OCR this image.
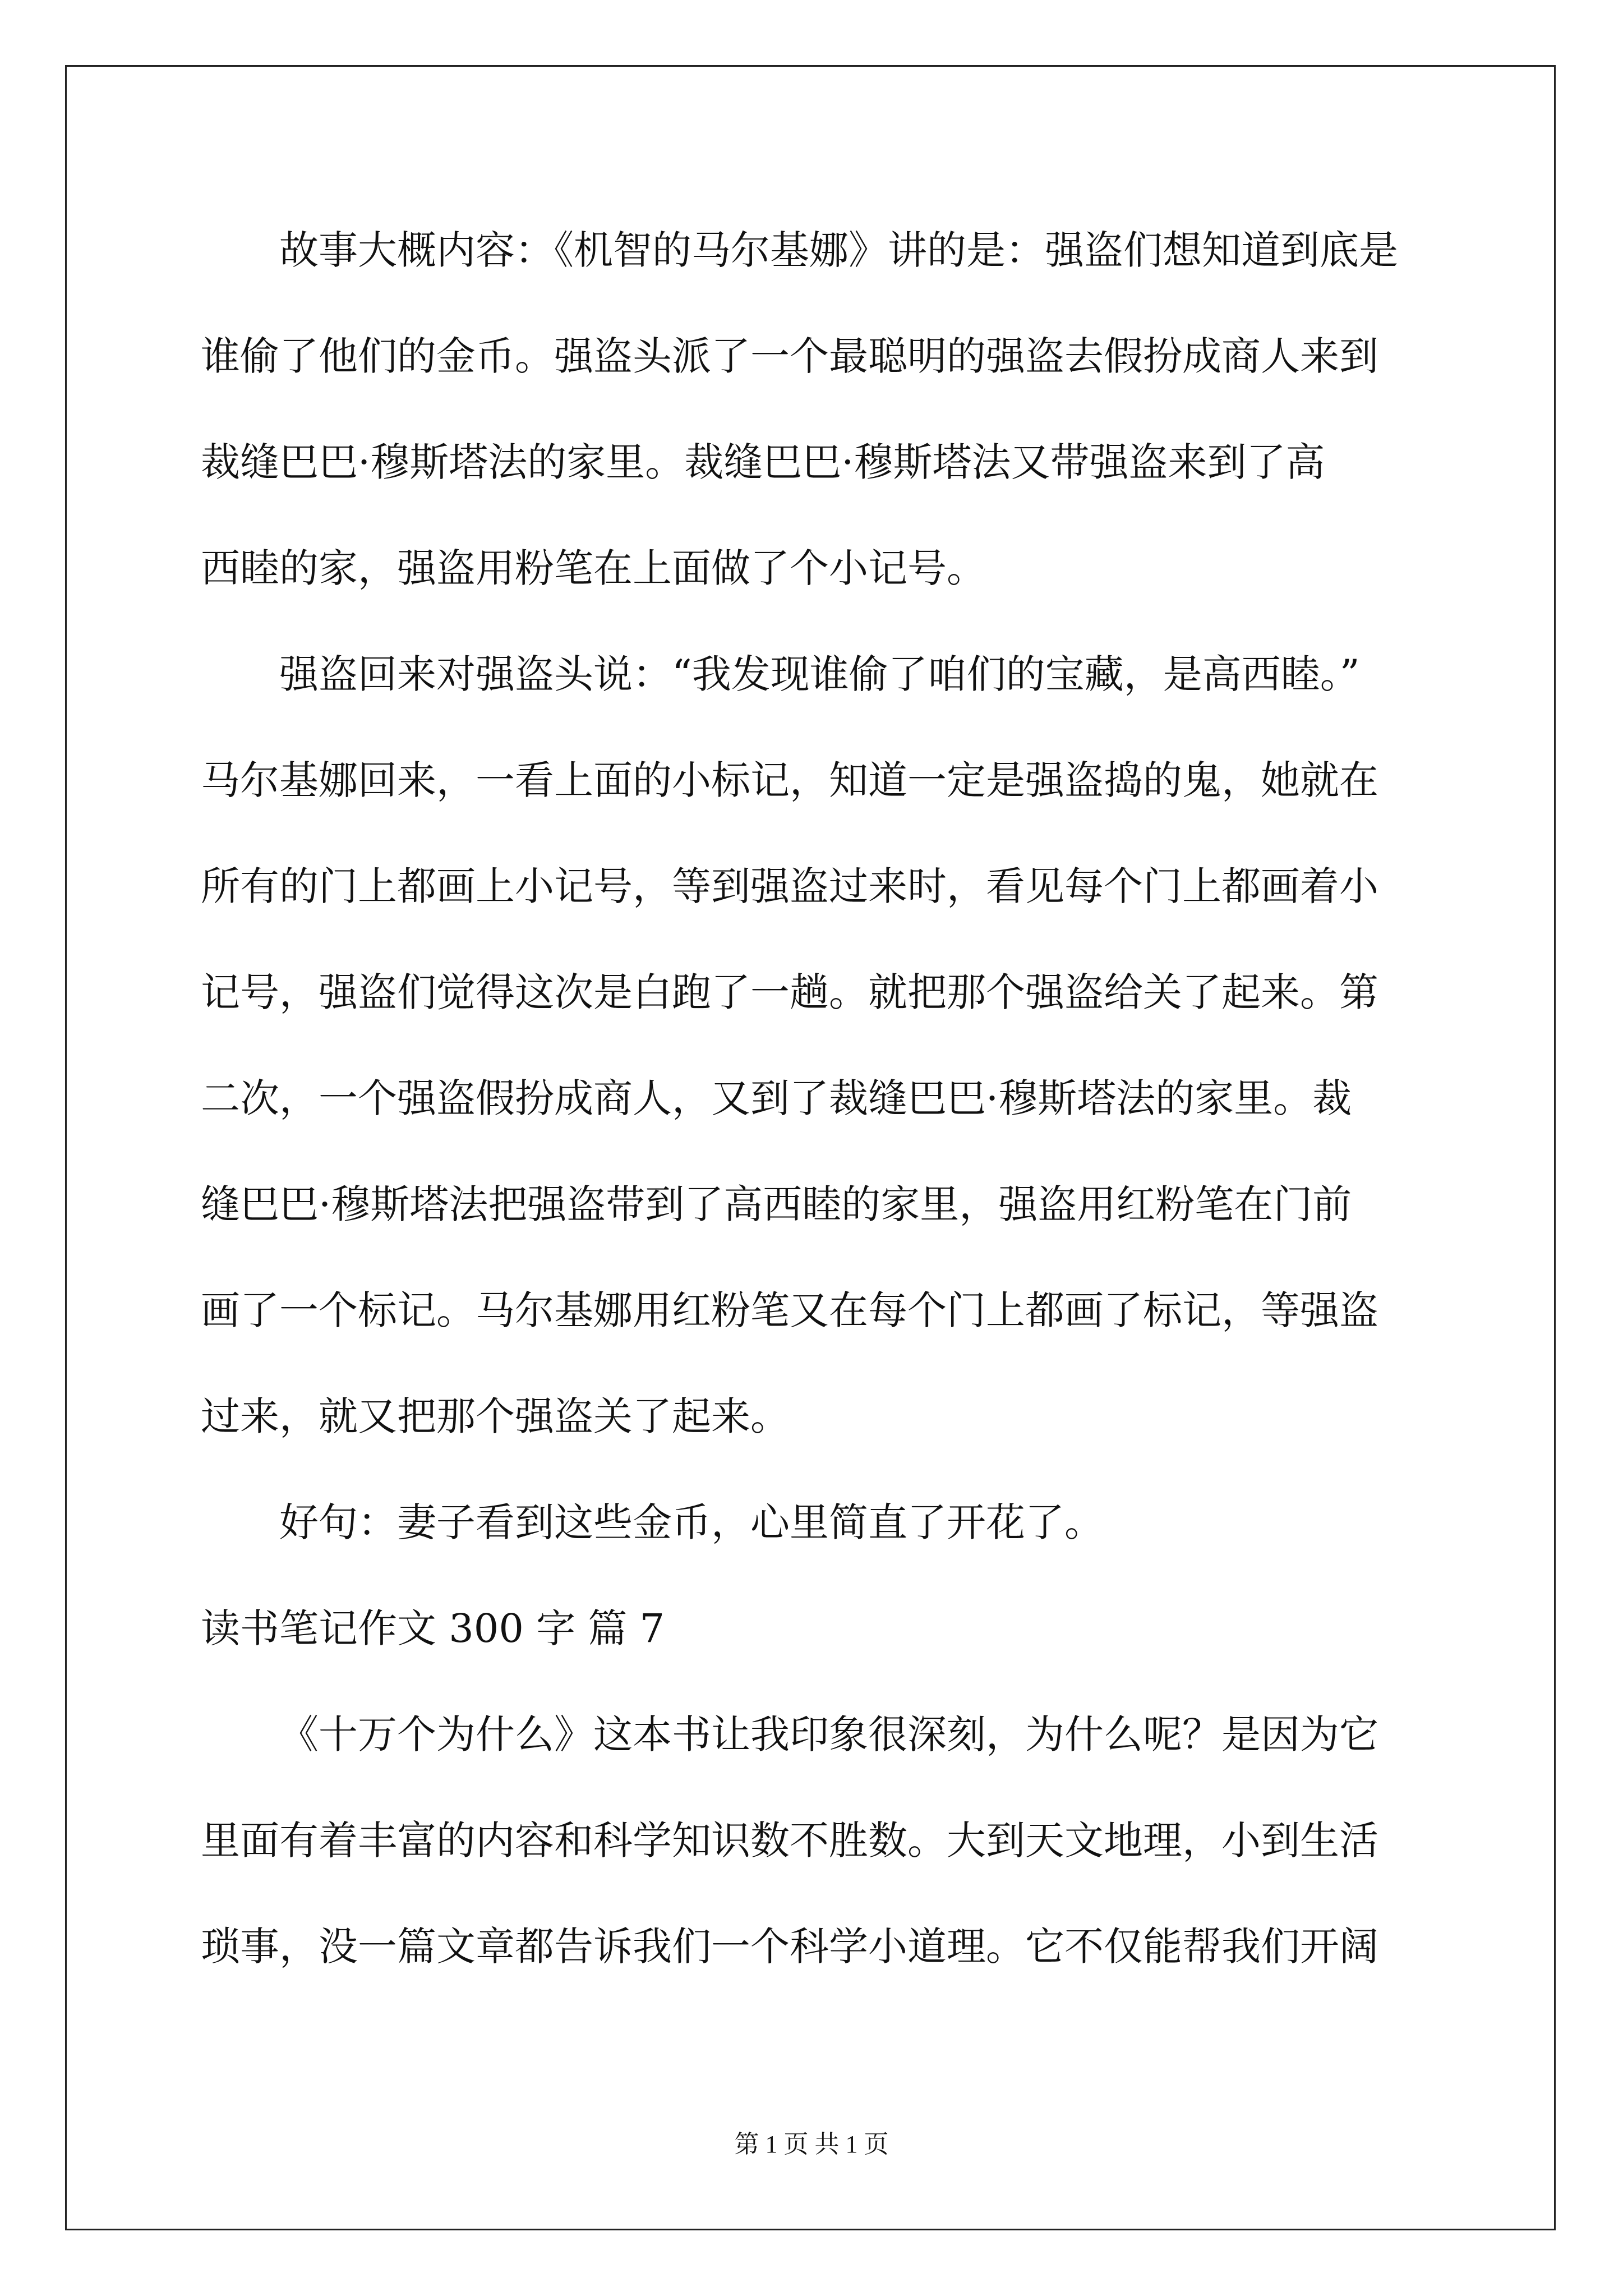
故事大概内容：《机智的马尔基娜》讲的是：强盗们想知道到底是
谁偷了他们的金币。强盗头派了一个最聪明的强盗去假扮成商人来到
裁缝巴巴·穆斯塔法的家里。裁缝巴巴·穆斯塔法又带强盗来到了高
西睦的家，强盗用粉笔在上面做了个小记号。
强盗回来对强盗头说：“我发现谁偷了咱们的宝藏，是高西睦。”
马尔基娜回来，一看上面的小标记，知道一定是强盗捣的鬼，她就在
所有的门上都画上小记号，等到强盗过来时，看见每个门上都画着小
记号，强盗们觉得这次是白跑了一趟。就把那个强盗给关了起来。第
二次，一个强盗假扮成商人，又到了裁缝巴巴·穆斯塔法的家里。裁
缝巴巴·穆斯塔法把强盗带到了高西睦的家里，强盗用红粉笔在门前
画了一个标记。马尔基娜用红粉笔又在每个门上都画了标记，等强盗
过来，就又把那个强盗关了起来。
好句：妻子看到这些金币，心里简直了开花了。
读书笔记作文 300 字 篇 7
《十万个为什么》这本书让我印象很深刻，为什么呢？是因为它
里面有着丰富的内容和科学知识数不胜数。大到天文地理，小到生活
琐事，没一篇文章都告诉我们一个科学小道理。它不仅能帮我们开阔
第 1 页 共 1 页
